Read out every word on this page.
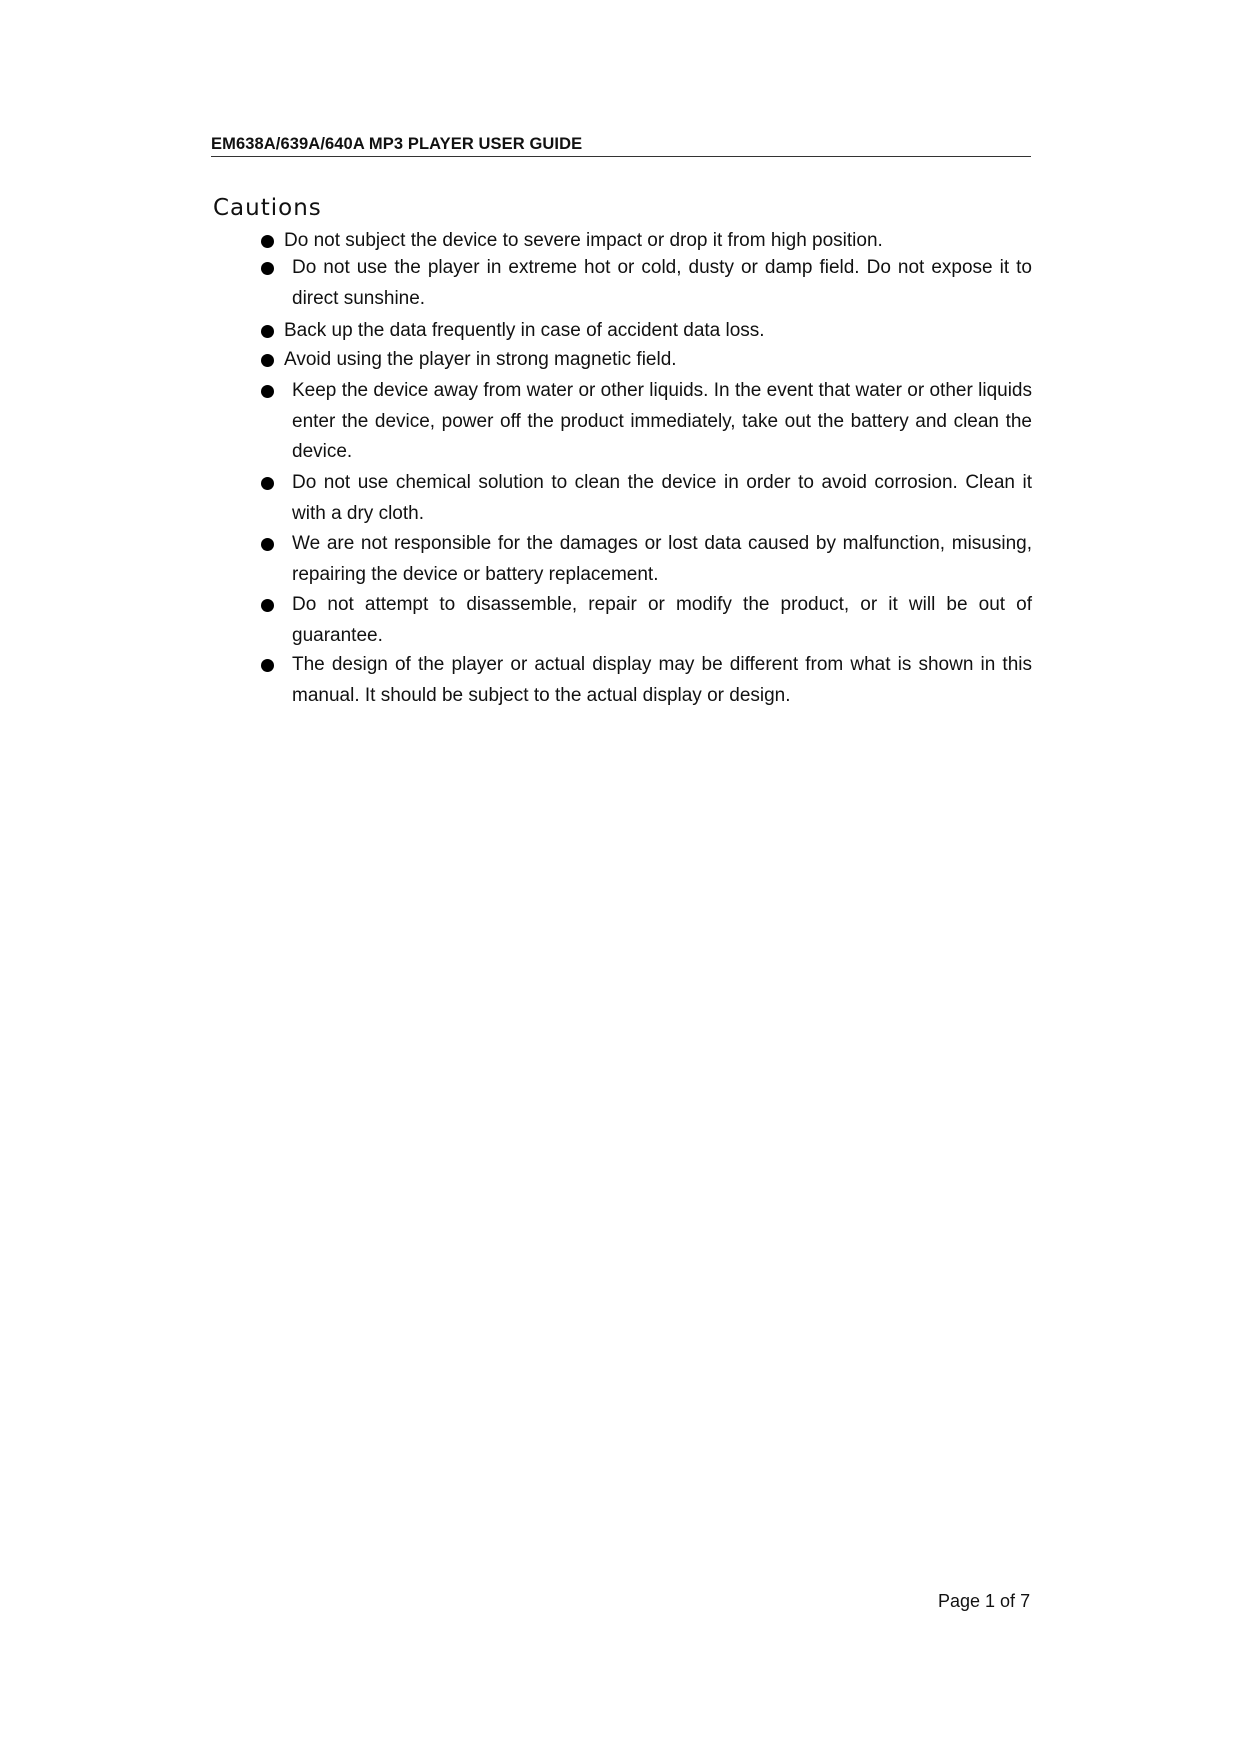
EM638A/639A/640A MP3 PLAYER USER GUIDE
Cautions
Do not subject the device to severe impact or drop it from high position.
Do not use the player in extreme hot or cold, dusty or damp field. Do not expose it to direct sunshine.
Back up the data frequently in case of accident data loss.
Avoid using the player in strong magnetic field.
Keep the device away from water or other liquids. In the event that water or other liquids enter the device, power off the product immediately, take out the battery and clean the device.
Do not use chemical solution to clean the device in order to avoid corrosion. Clean it with a dry cloth.
We are not responsible for the damages or lost data caused by malfunction, misusing, repairing the device or battery replacement.
Do not attempt to disassemble, repair or modify the product, or it will be out of guarantee.
The design of the player or actual display may be different from what is shown in this manual. It should be subject to the actual display or design.
Page 1 of 7
